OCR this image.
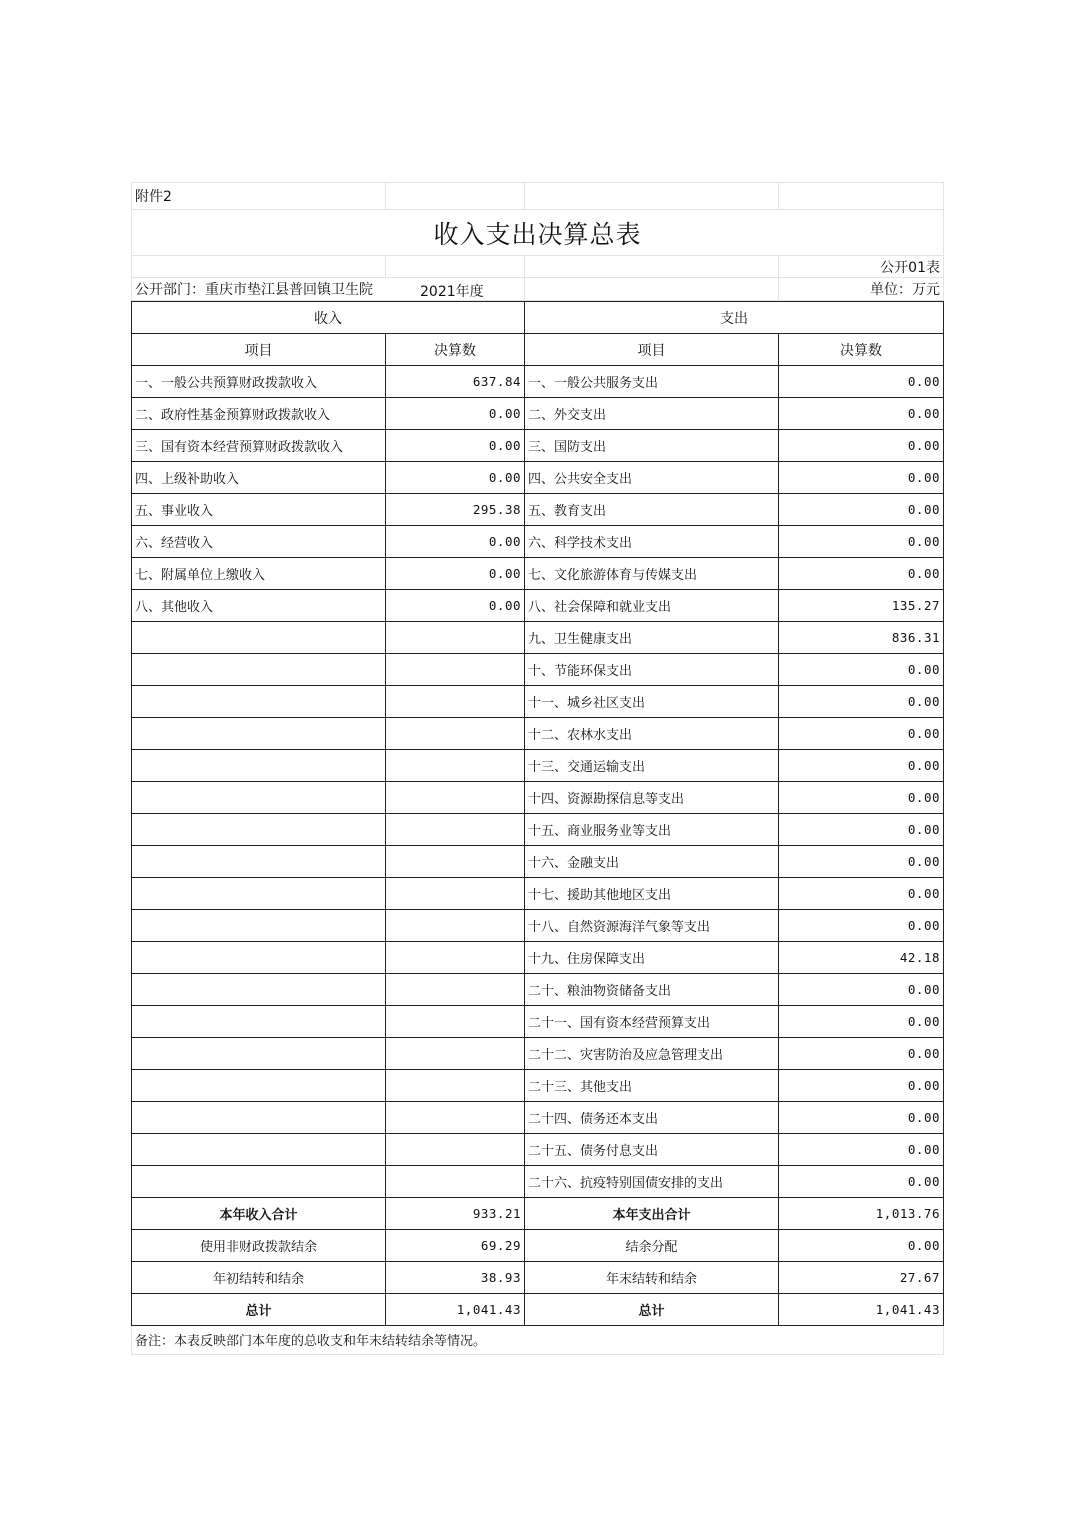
附件2			
收入支出决算总表			
			公开01表
公开部门：重庆市垫江县普回镇卫生院 2021年度			单位：万元
收入		支出	
项目	决算数	项目	决算数
一、一般公共预算财政拨款收入	637.84	一、一般公共服务支出	0.00
二、政府性基金预算财政拨款收入	0.00	二、外交支出	0.00
三、国有资本经营预算财政拨款收入	0.00	三、国防支出	0.00
四、上级补助收入	0.00	四、公共安全支出	0.00
五、事业收入	295.38	五、教育支出	0.00
六、经营收入	0.00	六、科学技术支出	0.00
七、附属单位上缴收入	0.00	七、文化旅游体育与传媒支出	0.00
八、其他收入	0.00	八、社会保障和就业支出	135.27
		九、卫生健康支出	836.31
		十、节能环保支出	0.00
		十一、城乡社区支出	0.00
		十二、农林水支出	0.00
		十三、交通运输支出	0.00
		十四、资源勘探信息等支出	0.00
		十五、商业服务业等支出	0.00
		十六、金融支出	0.00
		十七、援助其他地区支出	0.00
		十八、自然资源海洋气象等支出	0.00
		十九、住房保障支出	42.18
		二十、粮油物资储备支出	0.00
		二十一、国有资本经营预算支出	0.00
		二十二、灾害防治及应急管理支出	0.00
		二十三、其他支出	0.00
		二十四、债务还本支出	0.00
		二十五、债务付息支出	0.00
		二十六、抗疫特别国债安排的支出	0.00
本年收入合计	933.21	本年支出合计	1,013.76
使用非财政拨款结余	69.29	结余分配	0.00
年初结转和结余	38.93	年末结转和结余	27.67
总计	1,041.43	总计	1,041.43
备注：本表反映部门本年度的总收支和年末结转结余等情况。
